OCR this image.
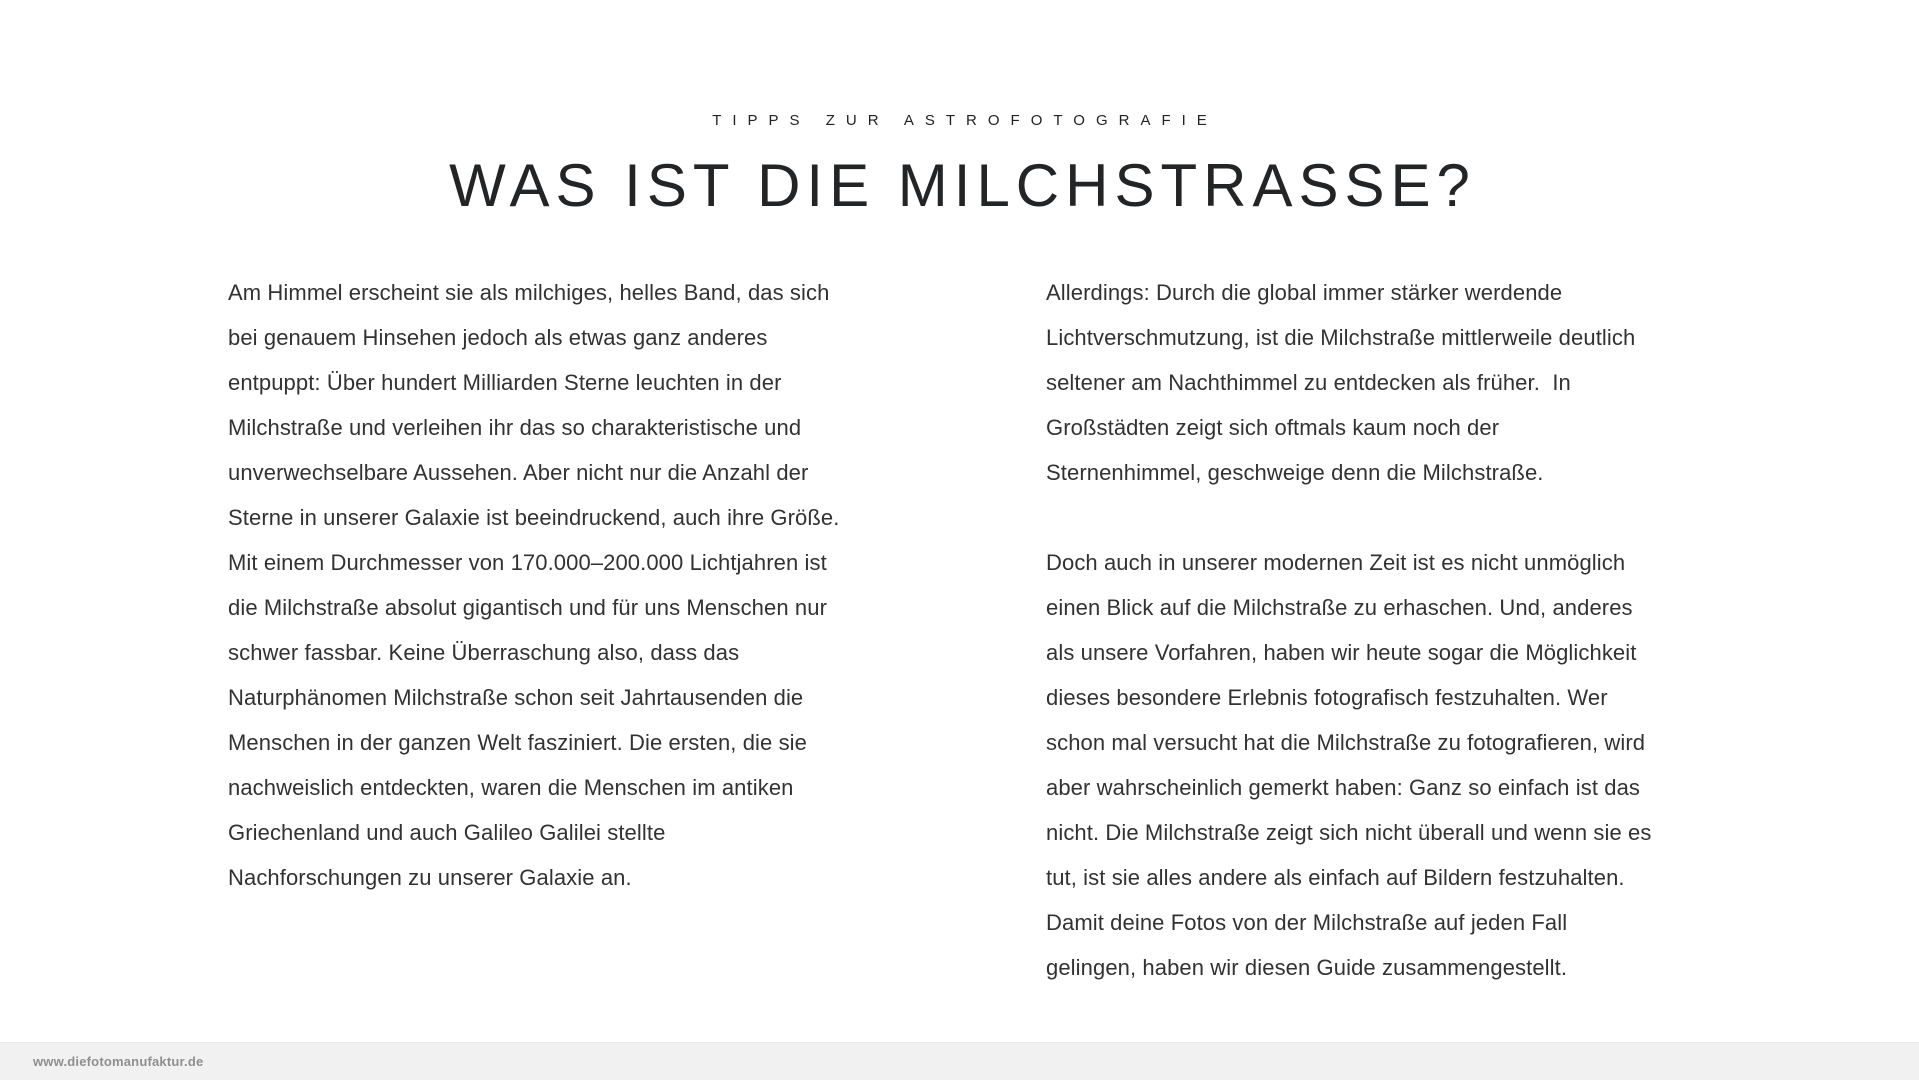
TIPPS ZUR ASTROFOTOGRAFIE
WAS IST DIE MILCHSTRASSE?
Am Himmel erscheint sie als milchiges, helles Band, das sich
bei genauem Hinsehen jedoch als etwas ganz anderes
entpuppt: Über hundert Milliarden Sterne leuchten in der
Milchstraße und verleihen ihr das so charakteristische und
unverwechselbare Aussehen. Aber nicht nur die Anzahl der
Sterne in unserer Galaxie ist beeindruckend, auch ihre Größe.
Mit einem Durchmesser von 170.000–200.000 Lichtjahren ist
die Milchstraße absolut gigantisch und für uns Menschen nur
schwer fassbar. Keine Überraschung also, dass das
Naturphänomen Milchstraße schon seit Jahrtausenden die
Menschen in der ganzen Welt fasziniert. Die ersten, die sie
nachweislich entdeckten, waren die Menschen im antiken
Griechenland und auch Galileo Galilei stellte
Nachforschungen zu unserer Galaxie an.
Allerdings: Durch die global immer stärker werdende
Lichtverschmutzung, ist die Milchstraße mittlerweile deutlich
seltener am Nachthimmel zu entdecken als früher.  In
Großstädten zeigt sich oftmals kaum noch der
Sternenhimmel, geschweige denn die Milchstraße.

Doch auch in unserer modernen Zeit ist es nicht unmöglich
einen Blick auf die Milchstraße zu erhaschen. Und, anderes
als unsere Vorfahren, haben wir heute sogar die Möglichkeit
dieses besondere Erlebnis fotografisch festzuhalten. Wer
schon mal versucht hat die Milchstraße zu fotografieren, wird
aber wahrscheinlich gemerkt haben: Ganz so einfach ist das
nicht. Die Milchstraße zeigt sich nicht überall und wenn sie es
tut, ist sie alles andere als einfach auf Bildern festzuhalten.
Damit deine Fotos von der Milchstraße auf jeden Fall
gelingen, haben wir diesen Guide zusammengestellt.
www.diefotomanufaktur.de
